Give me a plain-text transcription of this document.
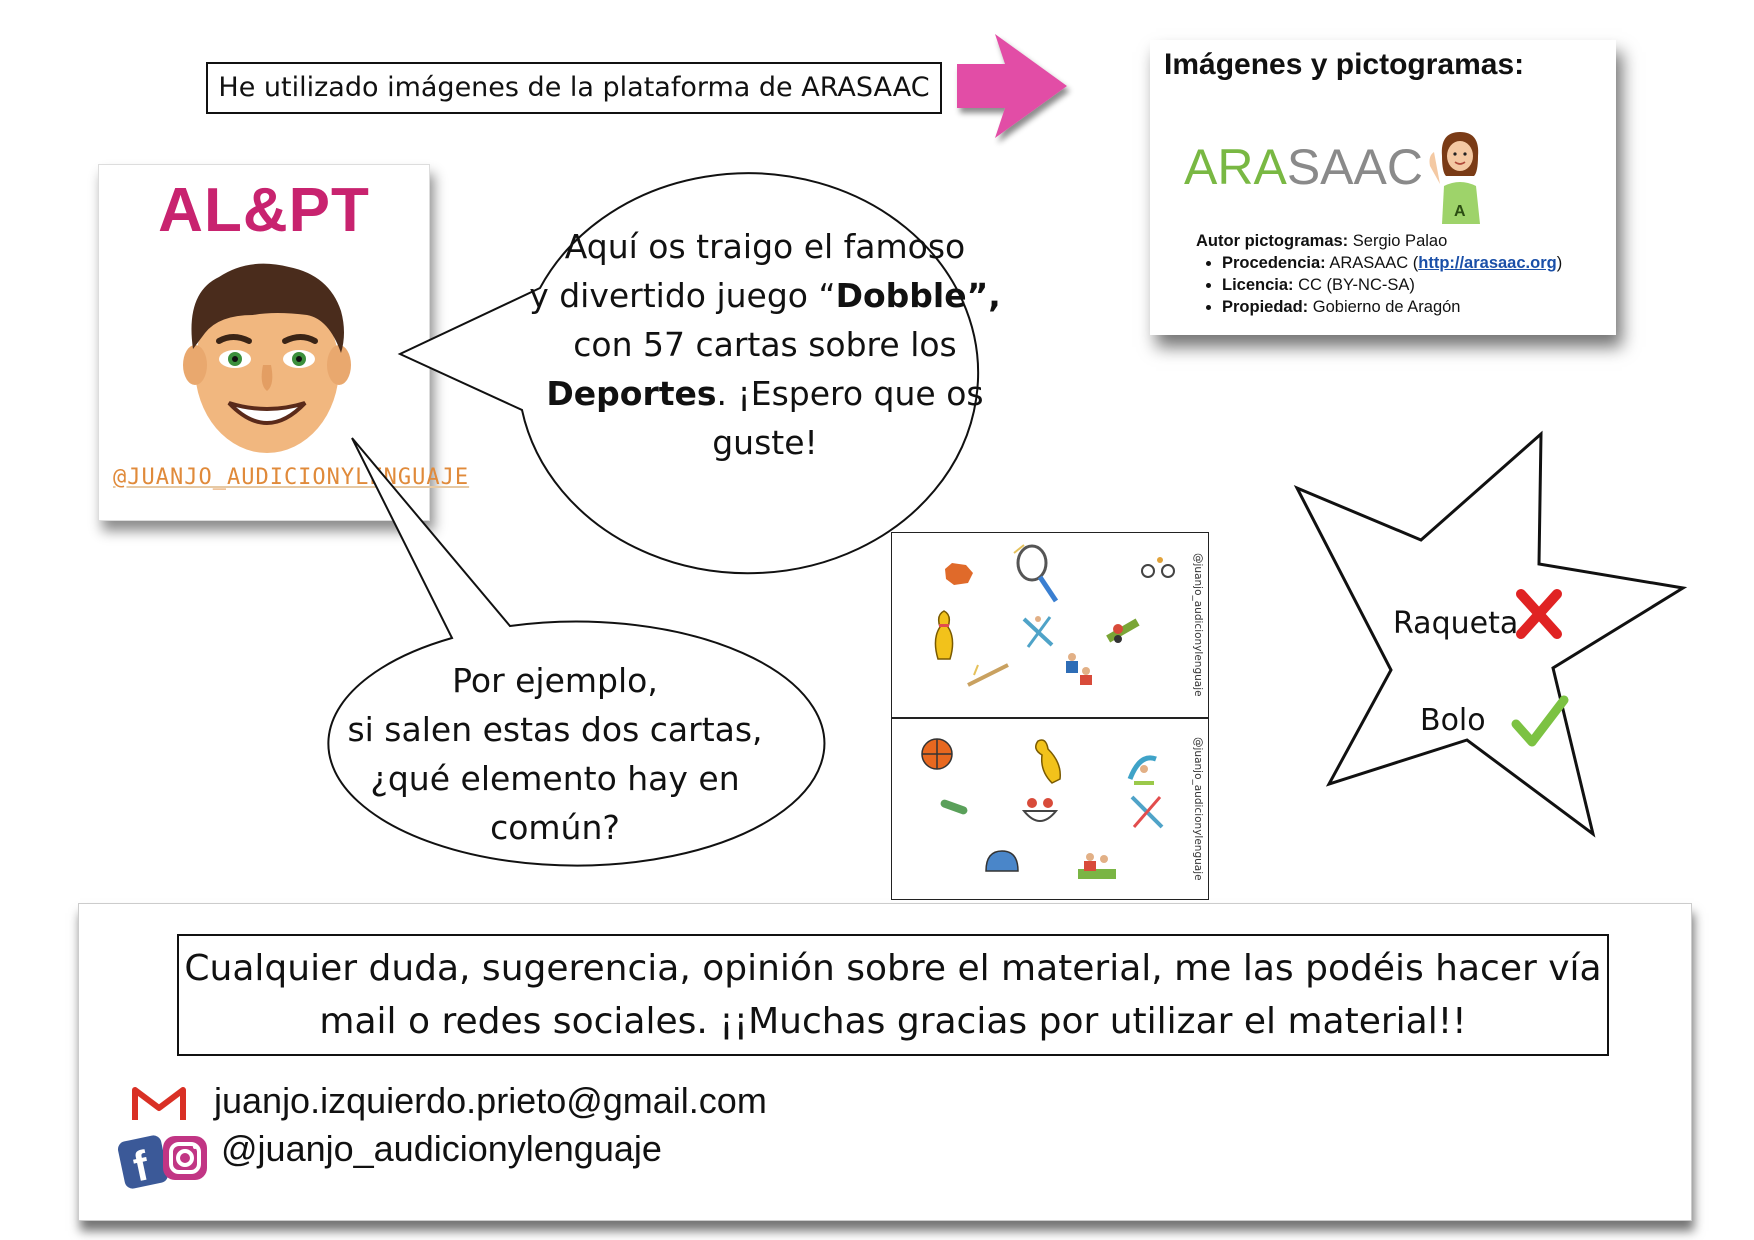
He utilizado imágenes de la plataforma de ARASAAC
Imágenes y pictogramas:
ARASAAC
A
Autor pictogramas: Sergio Palao
• Procedencia: ARASAAC (http://arasaac.org)
• Licencia: CC (BY-NC-SA)
• Propiedad: Gobierno de Aragón
AL&PT
@JUANJO_AUDICIONYLENGUAJE
Aquí os traigo el famoso
y divertido juego “Dobble”,
con 57 cartas sobre los
Deportes. ¡Espero que os
guste!
Por ejemplo,
si salen estas dos cartas,
¿qué elemento hay en
común?
@juanjo_audicionylenguaje
@juanjo_audicionylenguaje
Raqueta
Bolo
Cualquier duda, sugerencia, opinión sobre el material, me las podéis hacer vía
mail o redes sociales. ¡¡Muchas gracias por utilizar el material!!
juanjo.izquierdo.prieto@gmail.com
f @juanjo_audicionylenguaje
